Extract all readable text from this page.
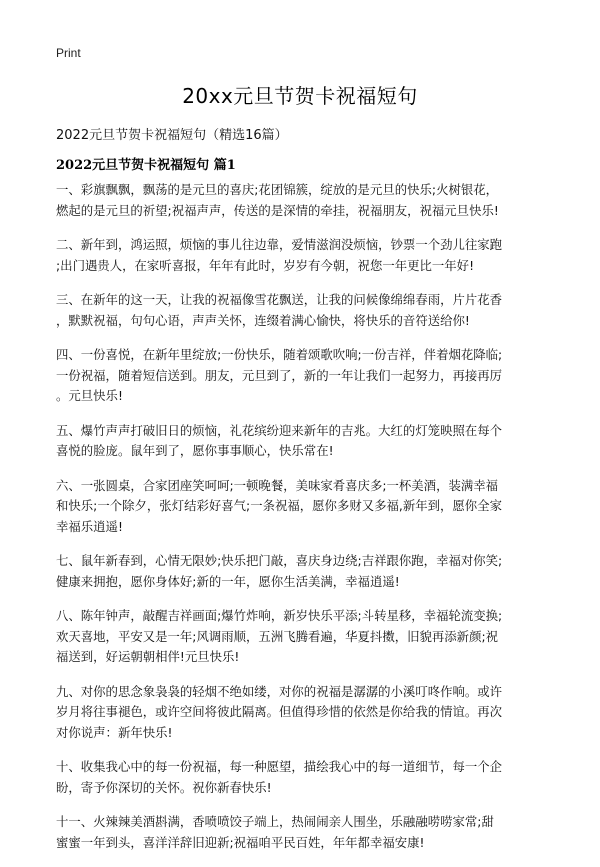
Print
20xx元旦节贺卡祝福短句
2022元旦节贺卡祝福短句（精选16篇）
2022元旦节贺卡祝福短句 篇1

一、彩旗飘飘，飘荡的是元旦的喜庆;花团锦簇，绽放的是元旦的快乐;火树银花，
燃起的是元旦的祈望;祝福声声，传送的是深情的牵挂，祝福朋友，祝福元旦快乐!

二、新年到，鸿运照，烦恼的事儿往边靠，爱情滋润没烦恼，钞票一个劲儿往家跑
;出门遇贵人，在家听喜报，年年有此时，岁岁有今朝，祝您一年更比一年好!

三、在新年的这一天，让我的祝福像雪花飘送，让我的问候像绵绵春雨，片片花香
，默默祝福，句句心语，声声关怀，连缀着满心愉快，将快乐的音符送给你!

四、一份喜悦，在新年里绽放;一份快乐，随着颂歌吹响;一份吉祥，伴着烟花降临;
一份祝福，随着短信送到。朋友，元旦到了，新的一年让我们一起努力，再接再厉
。元旦快乐!

五、爆竹声声打破旧日的烦恼，礼花缤纷迎来新年的吉兆。大红的灯笼映照在每个
喜悦的脸庞。鼠年到了，愿你事事顺心，快乐常在!

六、一张圆桌，合家团座笑呵呵;一顿晚餐，美味家肴喜庆多;一杯美酒，装满幸福
和快乐;一个除夕，张灯结彩好喜气;一条祝福，愿你多财又多福,新年到，愿你全家
幸福乐逍遥!

七、鼠年新春到，心情无限妙;快乐把门敲，喜庆身边绕;吉祥跟你跑，幸福对你笑;
健康来拥抱，愿你身体好;新的一年，愿你生活美满，幸福逍遥!

八、陈年钟声，敲醒吉祥画面;爆竹炸响，新岁快乐平添;斗转星移，幸福轮流变换;
欢天喜地，平安又是一年;风调雨顺，五洲飞腾看遍，华夏抖擞，旧貌再添新颜;祝
福送到，好运朝朝相伴!元旦快乐!

九、对你的思念象袅袅的轻烟不绝如缕，对你的祝福是潺潺的小溪叮咚作响。或许
岁月将往事褪色，或许空间将彼此隔离。但值得珍惜的依然是你给我的情谊。再次
对你说声：新年快乐!

十、收集我心中的每一份祝福，每一种愿望，描绘我心中的每一道细节，每一个企
盼，寄予你深切的关怀。祝你新春快乐!

十一、火辣辣美酒斟满，香喷喷饺子端上，热闹闹亲人围坐，乐融融唠唠家常;甜
蜜蜜一年到头，喜洋洋辞旧迎新;祝福咱平民百姓，年年都幸福安康!
